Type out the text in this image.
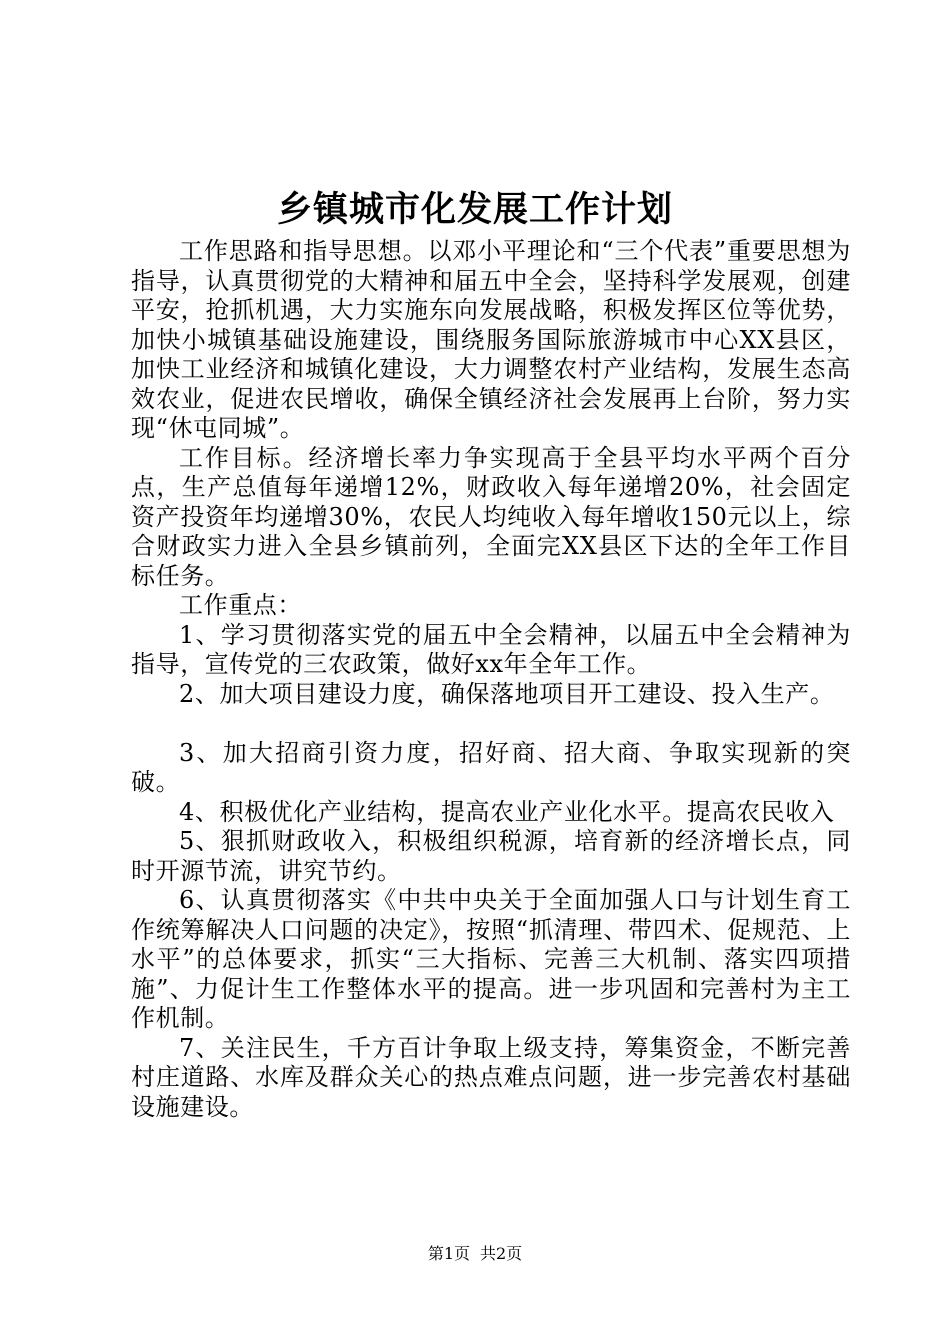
乡镇城市化发展工作计划

工作思路和指导思想。以邓小平理论和“三个代表”重要思想为指导，认真贯彻党的大精神和届五中全会，坚持科学发展观，创建平安，抢抓机遇，大力实施东向发展战略，积极发挥区位等优势，加快小城镇基础设施建设，围绕服务国际旅游城市中心XX县区，加快工业经济和城镇化建设，大力调整农村产业结构，发展生态高效农业，促进农民增收，确保全镇经济社会发展再上台阶，努力实现“休屯同城”。

工作目标。经济增长率力争实现高于全县平均水平两个百分点，生产总值每年递增12%，财政收入每年递增20%，社会固定资产投资年均递增30%，农民人均纯收入每年增收150元以上，综合财政实力进入全县乡镇前列，全面完XX县区下达的全年工作目标任务。

工作重点：

1、学习贯彻落实党的届五中全会精神，以届五中全会精神为指导，宣传党的三农政策，做好xx年全年工作。

2、加大项目建设力度，确保落地项目开工建设、投入生产。

3、加大招商引资力度，招好商、招大商、争取实现新的突破。

4、积极优化产业结构，提高农业产业化水平。提高农民收入

5、狠抓财政收入，积极组织税源，培育新的经济增长点，同时开源节流，讲究节约。

6、认真贯彻落实《中共中央关于全面加强人口与计划生育工作统筹解决人口问题的决定》，按照“抓清理、带四术、促规范、上水平”的总体要求，抓实“三大指标、完善三大机制、落实四项措施”、力促计生工作整体水平的提高。进一步巩固和完善村为主工作机制。

7、关注民生，千方百计争取上级支持，筹集资金，不断完善村庄道路、水库及群众关心的热点难点问题，进一步完善农村基础设施建设。

第1页 共2页
